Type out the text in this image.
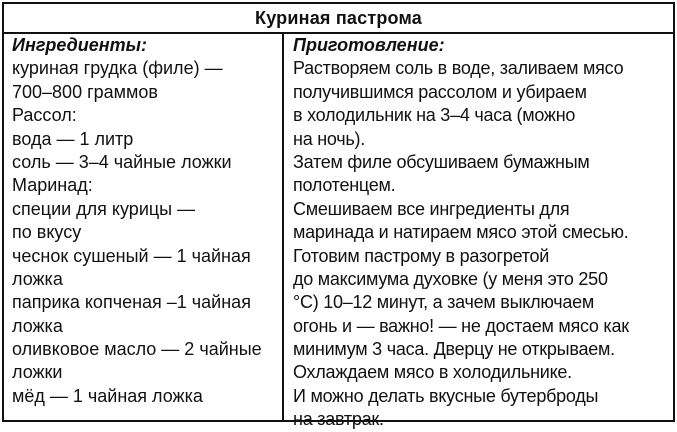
Куриная пастрома
Ингредиенты:
куриная грудка (филе) —
700–800 граммов
Рассол:
вода — 1 литр
соль — 3–4 чайные ложки
Маринад:
специи для курицы —
по вкусу
чеснок сушеный — 1 чайная
ложка
паприка копченая –1 чайная
ложка
оливковое масло — 2 чайные
ложки
мёд — 1 чайная ложка
Приготовление:
Растворяем соль в воде, заливаем мясо
получившимся рассолом и убираем
в холодильник на 3–4 часа (можно
на ночь).
Затем филе обсушиваем бумажным
полотенцем.
Смешиваем все ингредиенты для
маринада и натираем мясо этой смесью.
Готовим пастрому в разогретой
до максимума духовке (у меня это 250
°С) 10–12 минут, а зачем выключаем
огонь и — важно! — не достаем мясо как
минимум 3 часа. Дверцу не открываем.
Охлаждаем мясо в холодильнике.
И можно делать вкусные бутерброды
на завтрак.
